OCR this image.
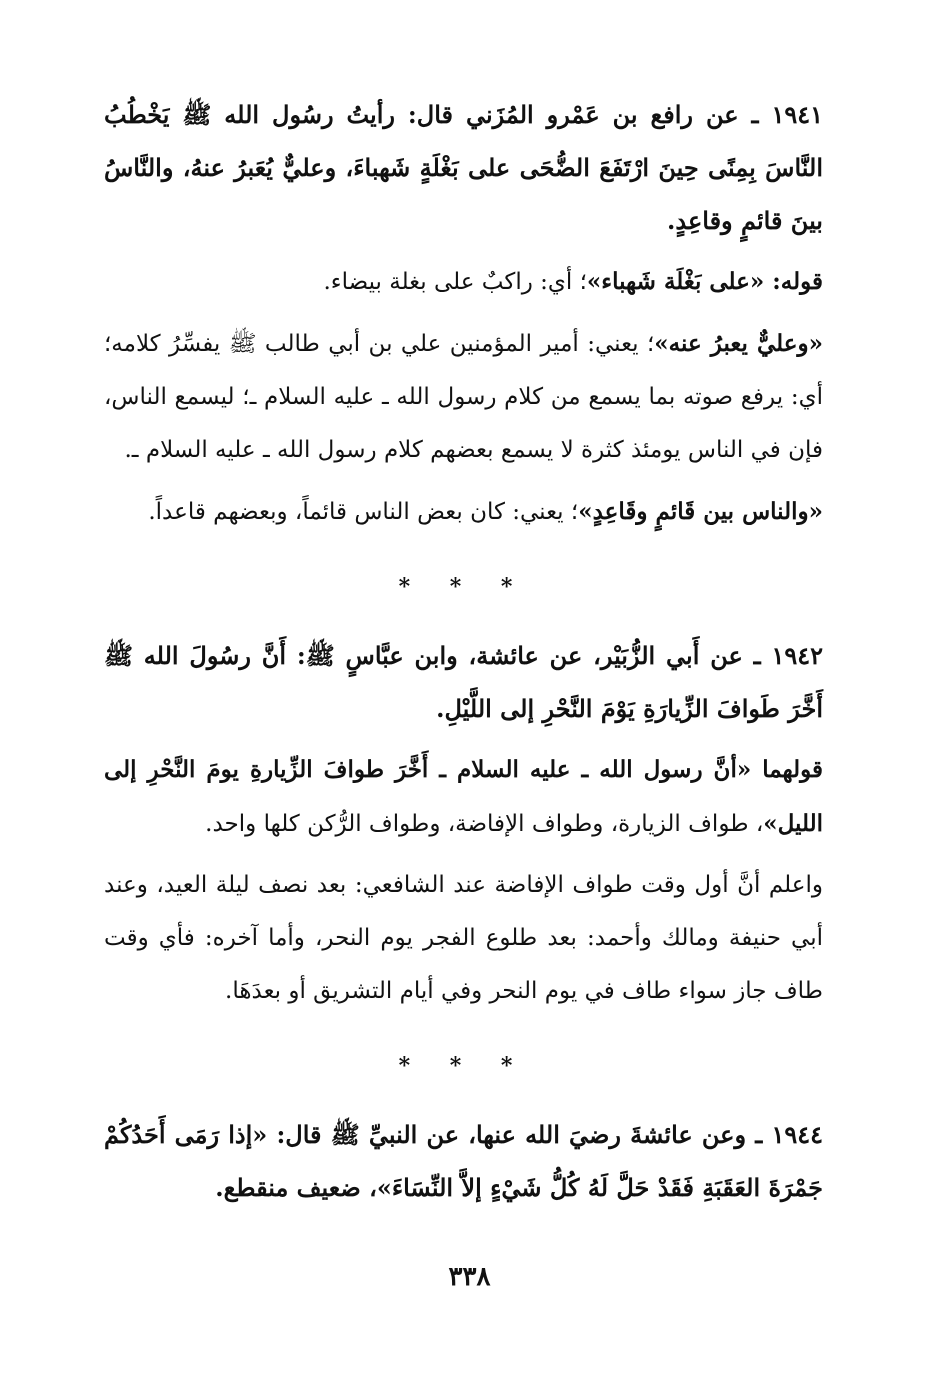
١٩٤١ ـ عن رافع بن عَمْرو المُزَني قال: رأيتُ رسُول الله ﷺ يَخْطُبُ النَّاسَ بِمِنًى حِينَ ارْتَفَعَ الضُّحَى على بَغْلَةٍ شَهباءَ، وعليٌّ يُعَبرُ عنهُ، والنَّاسُ بينَ قائمٍ وقاعِدٍ.

قوله: «على بَغْلَة شَهباء»؛ أي: راكبٌ على بغلة بيضاء.

«وعليٌّ يعبرُ عنه»؛ يعني: أمير المؤمنين علي بن أبي طالب ﷺ يفسِّرُ كلامه؛ أي: يرفع صوته بما يسمع من كلام رسول الله ـ عليه السلام ـ؛ ليسمع الناس، فإن في الناس يومئذ كثرة لا يسمع بعضهم كلام رسول الله ـ عليه السلام ـ.

«والناس بين قَائمٍ وقَاعِدٍ»؛ يعني: كان بعض الناس قائماً، وبعضهم قاعداً.

* * *

١٩٤٢ ـ عن أَبي الزُّبَيْر، عن عائشة، وابن عبَّاسٍ ﷺ: أَنَّ رسُولَ الله ﷺ أَخَّرَ طَوافَ الزِّيارَةِ يَوْمَ النَّحْرِ إلى اللَّيْلِ.

قولهما «أنَّ رسول الله ـ عليه السلام ـ أَخَّرَ طوافَ الزِّيارةِ يومَ النَّحْرِ إلى الليل»، طواف الزيارة، وطواف الإفاضة، وطواف الرُّكن كلها واحد.

واعلم أنَّ أول وقت طواف الإفاضة عند الشافعي: بعد نصف ليلة العيد، وعند أبي حنيفة ومالك وأحمد: بعد طلوع الفجر يوم النحر، وأما آخره: فأي وقت طاف جاز سواء طاف في يوم النحر وفي أيام التشريق أو بعدَهَا.

* * *

١٩٤٤ ـ وعن عائشةَ رضيَ الله عنها، عن النبيِّ ﷺ قال: «إذا رَمَى أَحَدُكُمْ جَمْرَةَ العَقَبَةِ فَقَدْ حَلَّ لَهُ كُلُّ شَيْءٍ إلاَّ النِّسَاءَ»، ضعيف منقطع.

٣٣٨
